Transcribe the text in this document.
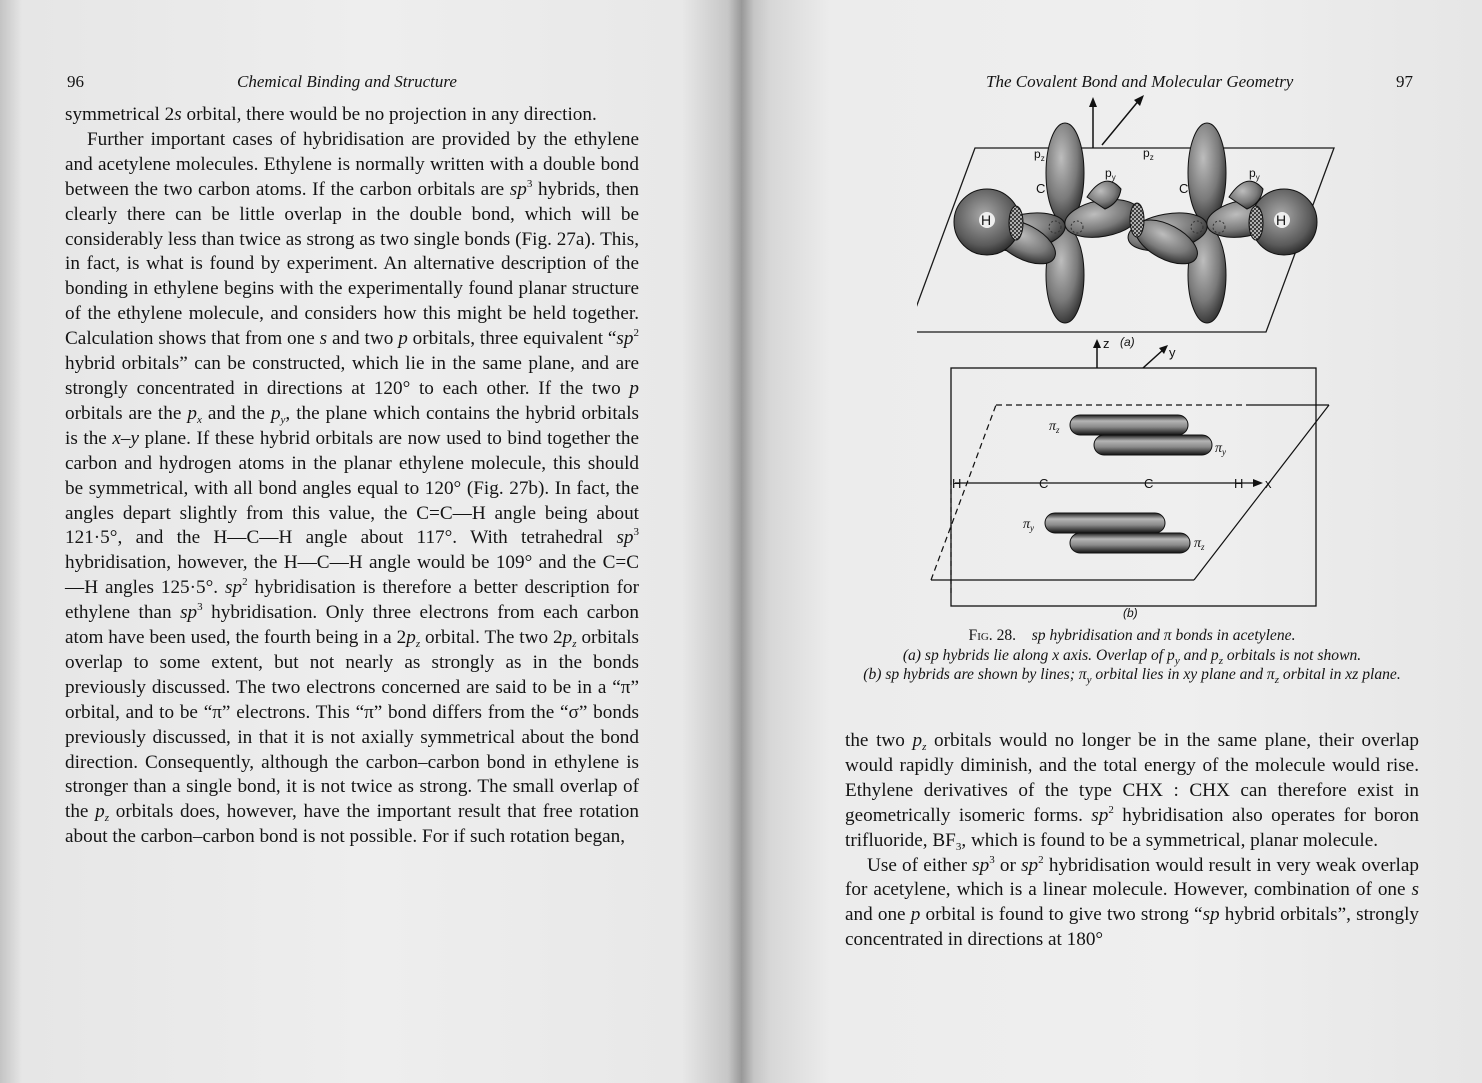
96	Chemical Binding and Structure

symmetrical 2s orbital, there would be no projection in any direction.

Further important cases of hybridisation are provided by the ethylene and acetylene molecules. Ethylene is normally written with a double bond between the two carbon atoms. If the carbon orbitals are $sp^3$ hybrids, then clearly there can be little overlap in the double bond, which will be considerably less than twice as strong as two single bonds (Fig. 27a). This, in fact, is what is found by experiment. An alternative description of the bonding in ethylene begins with the experimentally found planar structure of the ethylene molecule, and considers how this might be held together. Calculation shows that from one s and two p orbitals, three equivalent “$sp^2$ hybrid orbitals” can be constructed, which lie in the same plane, and are strongly concentrated in directions at 120° to each other. If the two p orbitals are the $p_x$ and the $p_y$, the plane which contains the hybrid orbitals is the x–y plane. If these hybrid orbitals are now used to bind together the carbon and hydrogen atoms in the planar ethylene molecule, this should be symmetrical, with all bond angles equal to 120° (Fig. 27b). In fact, the angles depart slightly from this value, the C=C—H angle being about 121·5°, and the H—C—H angle about 117°. With tetrahedral $sp^3$ hybridisation, however, the H—C—H angle would be 109° and the C=C—H angles 125·5°. $sp^2$ hybridisation is therefore a better description for ethylene than $sp^3$ hybridisation. Only three electrons from each carbon atom have been used, the fourth being in a $2p_z$ orbital. The two $2p_z$ orbitals overlap to some extent, but not nearly as strongly as in the bonds previously discussed. The two electrons concerned are said to be in a “π” orbital, and to be “π” electrons. This “π” bond differs from the “σ” bonds previously discussed, in that it is not axially symmetrical about the bond direction. Consequently, although the carbon–carbon bond in ethylene is stronger than a single bond, it is not twice as strong. The small overlap of the $p_z$ orbitals does, however, have the important result that free rotation about the carbon–carbon bond is not possible. For if such rotation began,

The Covalent Bond and Molecular Geometry	97
H	H
C	C
$p_z$
$p_y$
$p_z$
$p_y$
(a)
z
y
H	C	C	H x
$\pi_z$
$\pi_y$
$\pi_y$
$\pi_z$
(b)
Fig. 28. sp hybridisation and π bonds in acetylene.
(a) sp hybrids lie along x axis. Overlap of $p_y$ and $p_z$ orbitals is not shown.
(b) sp hybrids are shown by lines; $\pi_y$ orbital lies in xy plane and $\pi_z$ orbital in xz plane.

the two $p_z$ orbitals would no longer be in the same plane, their overlap would rapidly diminish, and the total energy of the molecule would rise. Ethylene derivatives of the type CHX : CHX can therefore exist in geometrically isomeric forms. $sp^2$ hybridisation also operates for boron trifluoride, $BF_3$, which is found to be a symmetrical, planar molecule.

Use of either $sp^3$ or $sp^2$ hybridisation would result in very weak overlap for acetylene, which is a linear molecule. However, combination of one s and one p orbital is found to give two strong “sp hybrid orbitals”, strongly concentrated in directions at 180°
